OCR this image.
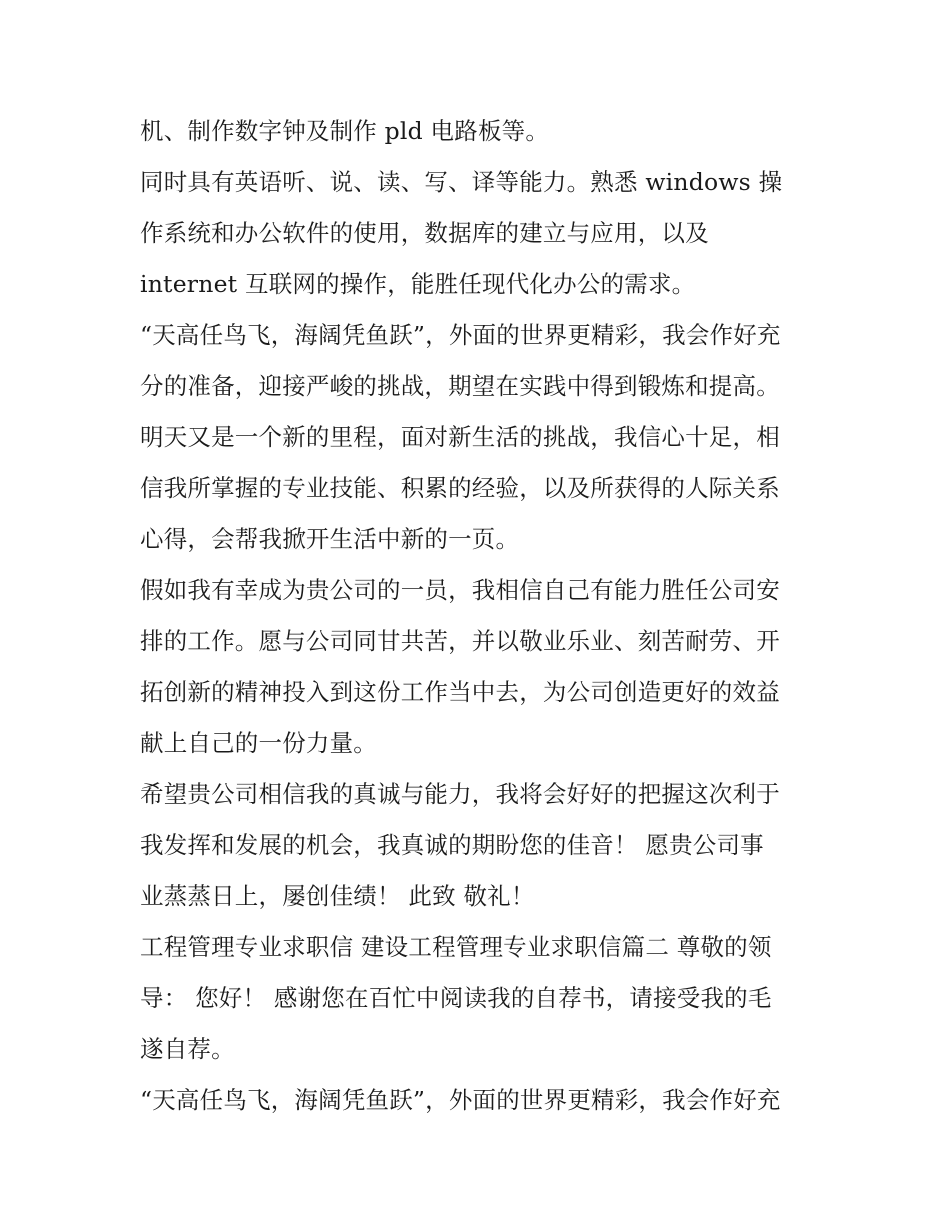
机、制作数字钟及制作 pld 电路板等。
同时具有英语听、说、读、写、译等能力。熟悉 windows 操
作系统和办公软件的使用，数据库的建立与应用，以及
internet 互联网的操作，能胜任现代化办公的需求。
“天高任鸟飞，海阔凭鱼跃”，外面的世界更精彩，我会作好充
分的准备，迎接严峻的挑战，期望在实践中得到锻炼和提高。
明天又是一个新的里程，面对新生活的挑战，我信心十足，相
信我所掌握的专业技能、积累的经验，以及所获得的人际关系
心得，会帮我掀开生活中新的一页。
假如我有幸成为贵公司的一员，我相信自己有能力胜任公司安
排的工作。愿与公司同甘共苦，并以敬业乐业、刻苦耐劳、开
拓创新的精神投入到这份工作当中去，为公司创造更好的效益
献上自己的一份力量。
希望贵公司相信我的真诚与能力，我将会好好的把握这次利于
我发挥和发展的机会，我真诚的期盼您的佳音！ 愿贵公司事
业蒸蒸日上，屡创佳绩！ 此致 敬礼！
工程管理专业求职信 建设工程管理专业求职信篇二 尊敬的领
导： 您好！ 感谢您在百忙中阅读我的自荐书，请接受我的毛
遂自荐。
“天高任鸟飞，海阔凭鱼跃”，外面的世界更精彩，我会作好充
